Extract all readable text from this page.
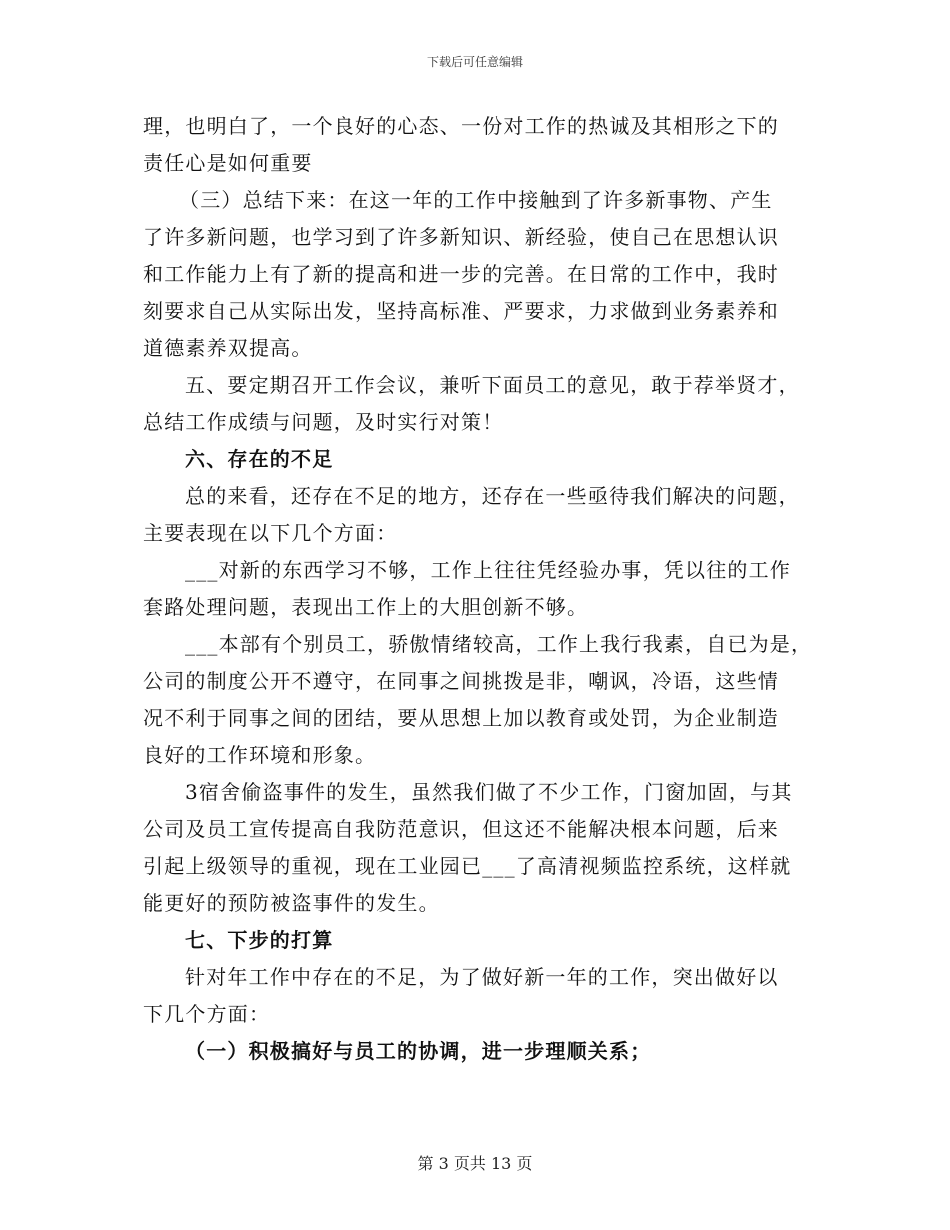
下载后可任意编辑
理，也明白了，一个良好的心态、一份对工作的热诚及其相形之下的
责任心是如何重要
（三）总结下来：在这一年的工作中接触到了许多新事物、产生
了许多新问题，也学习到了许多新知识、新经验，使自己在思想认识
和工作能力上有了新的提高和进一步的完善。在日常的工作中，我时
刻要求自己从实际出发，坚持高标准、严要求，力求做到业务素养和
道德素养双提高。
五、要定期召开工作会议，兼听下面员工的意见，敢于荐举贤才，
总结工作成绩与问题，及时实行对策！
六、存在的不足
总的来看，还存在不足的地方，还存在一些亟待我们解决的问题，
主要表现在以下几个方面：
___对新的东西学习不够，工作上往往凭经验办事，凭以往的工作
套路处理问题，表现出工作上的大胆创新不够。
___本部有个别员工，骄傲情绪较高，工作上我行我素，自已为是，
公司的制度公开不遵守，在同事之间挑拨是非，嘲讽，冷语，这些情
况不利于同事之间的团结，要从思想上加以教育或处罚，为企业制造
良好的工作环境和形象。
3宿舍偷盗事件的发生，虽然我们做了不少工作，门窗加固，与其
公司及员工宣传提高自我防范意识，但这还不能解决根本问题，后来
引起上级领导的重视，现在工业园已___了高清视频监控系统，这样就
能更好的预防被盗事件的发生。
七、下步的打算
针对年工作中存在的不足，为了做好新一年的工作，突出做好以
下几个方面：
（一）积极搞好与员工的协调，进一步理顺关系；
第 3 页共 13 页
